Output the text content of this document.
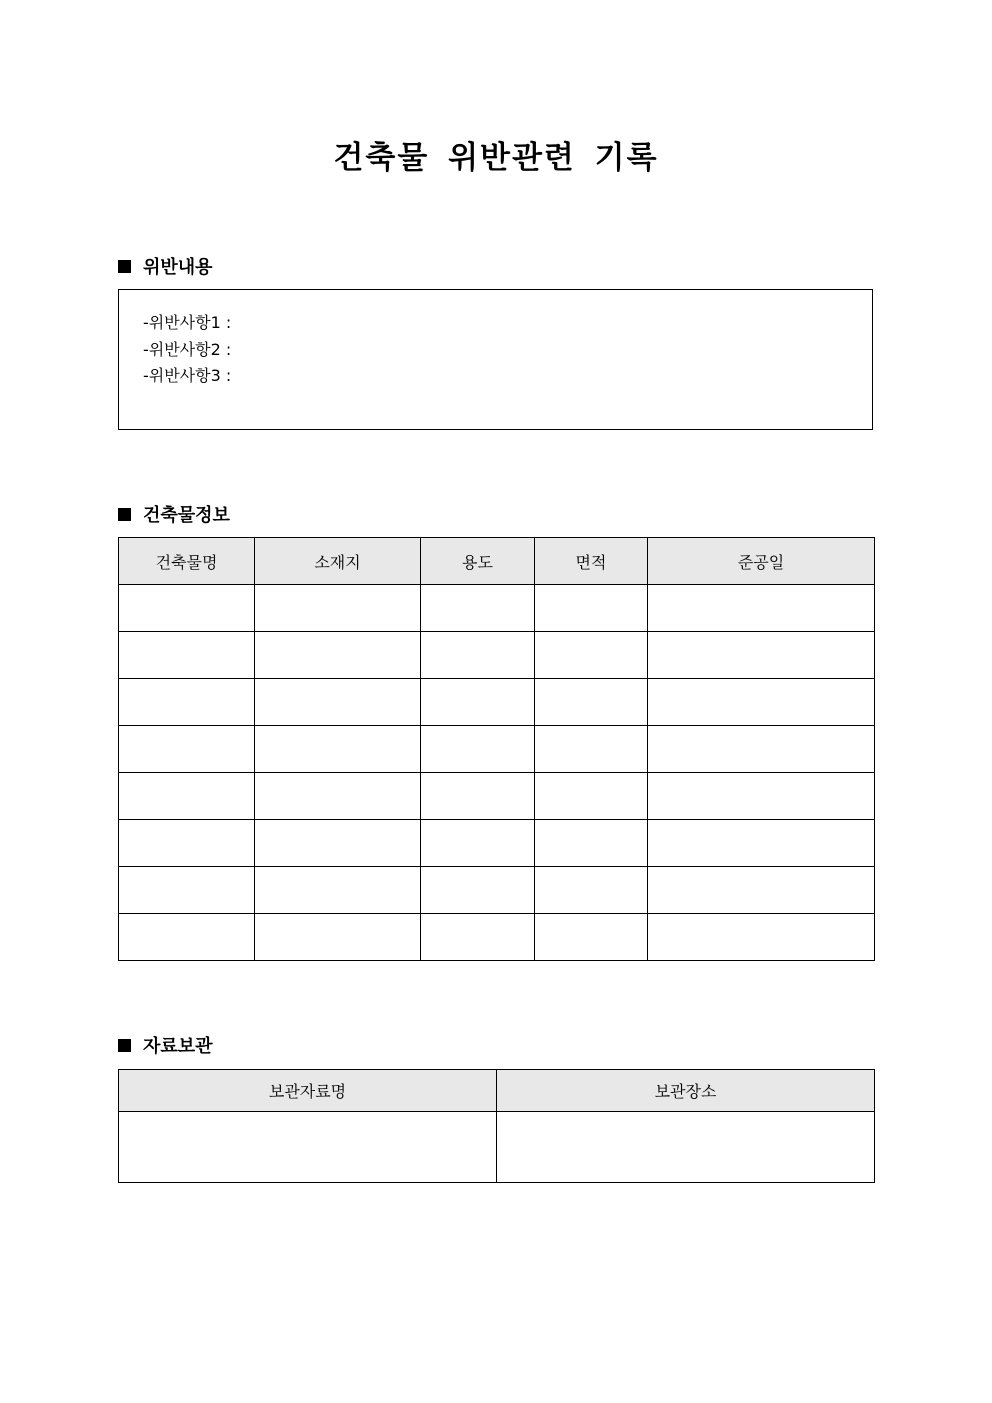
건축물 위반관련 기록
위반내용
-위반사항1 :
-위반사항2 :
-위반사항3 :
건축물정보
건축물명	소재지	용도	면적	준공일

자료보관
보관자료명	보관장소
